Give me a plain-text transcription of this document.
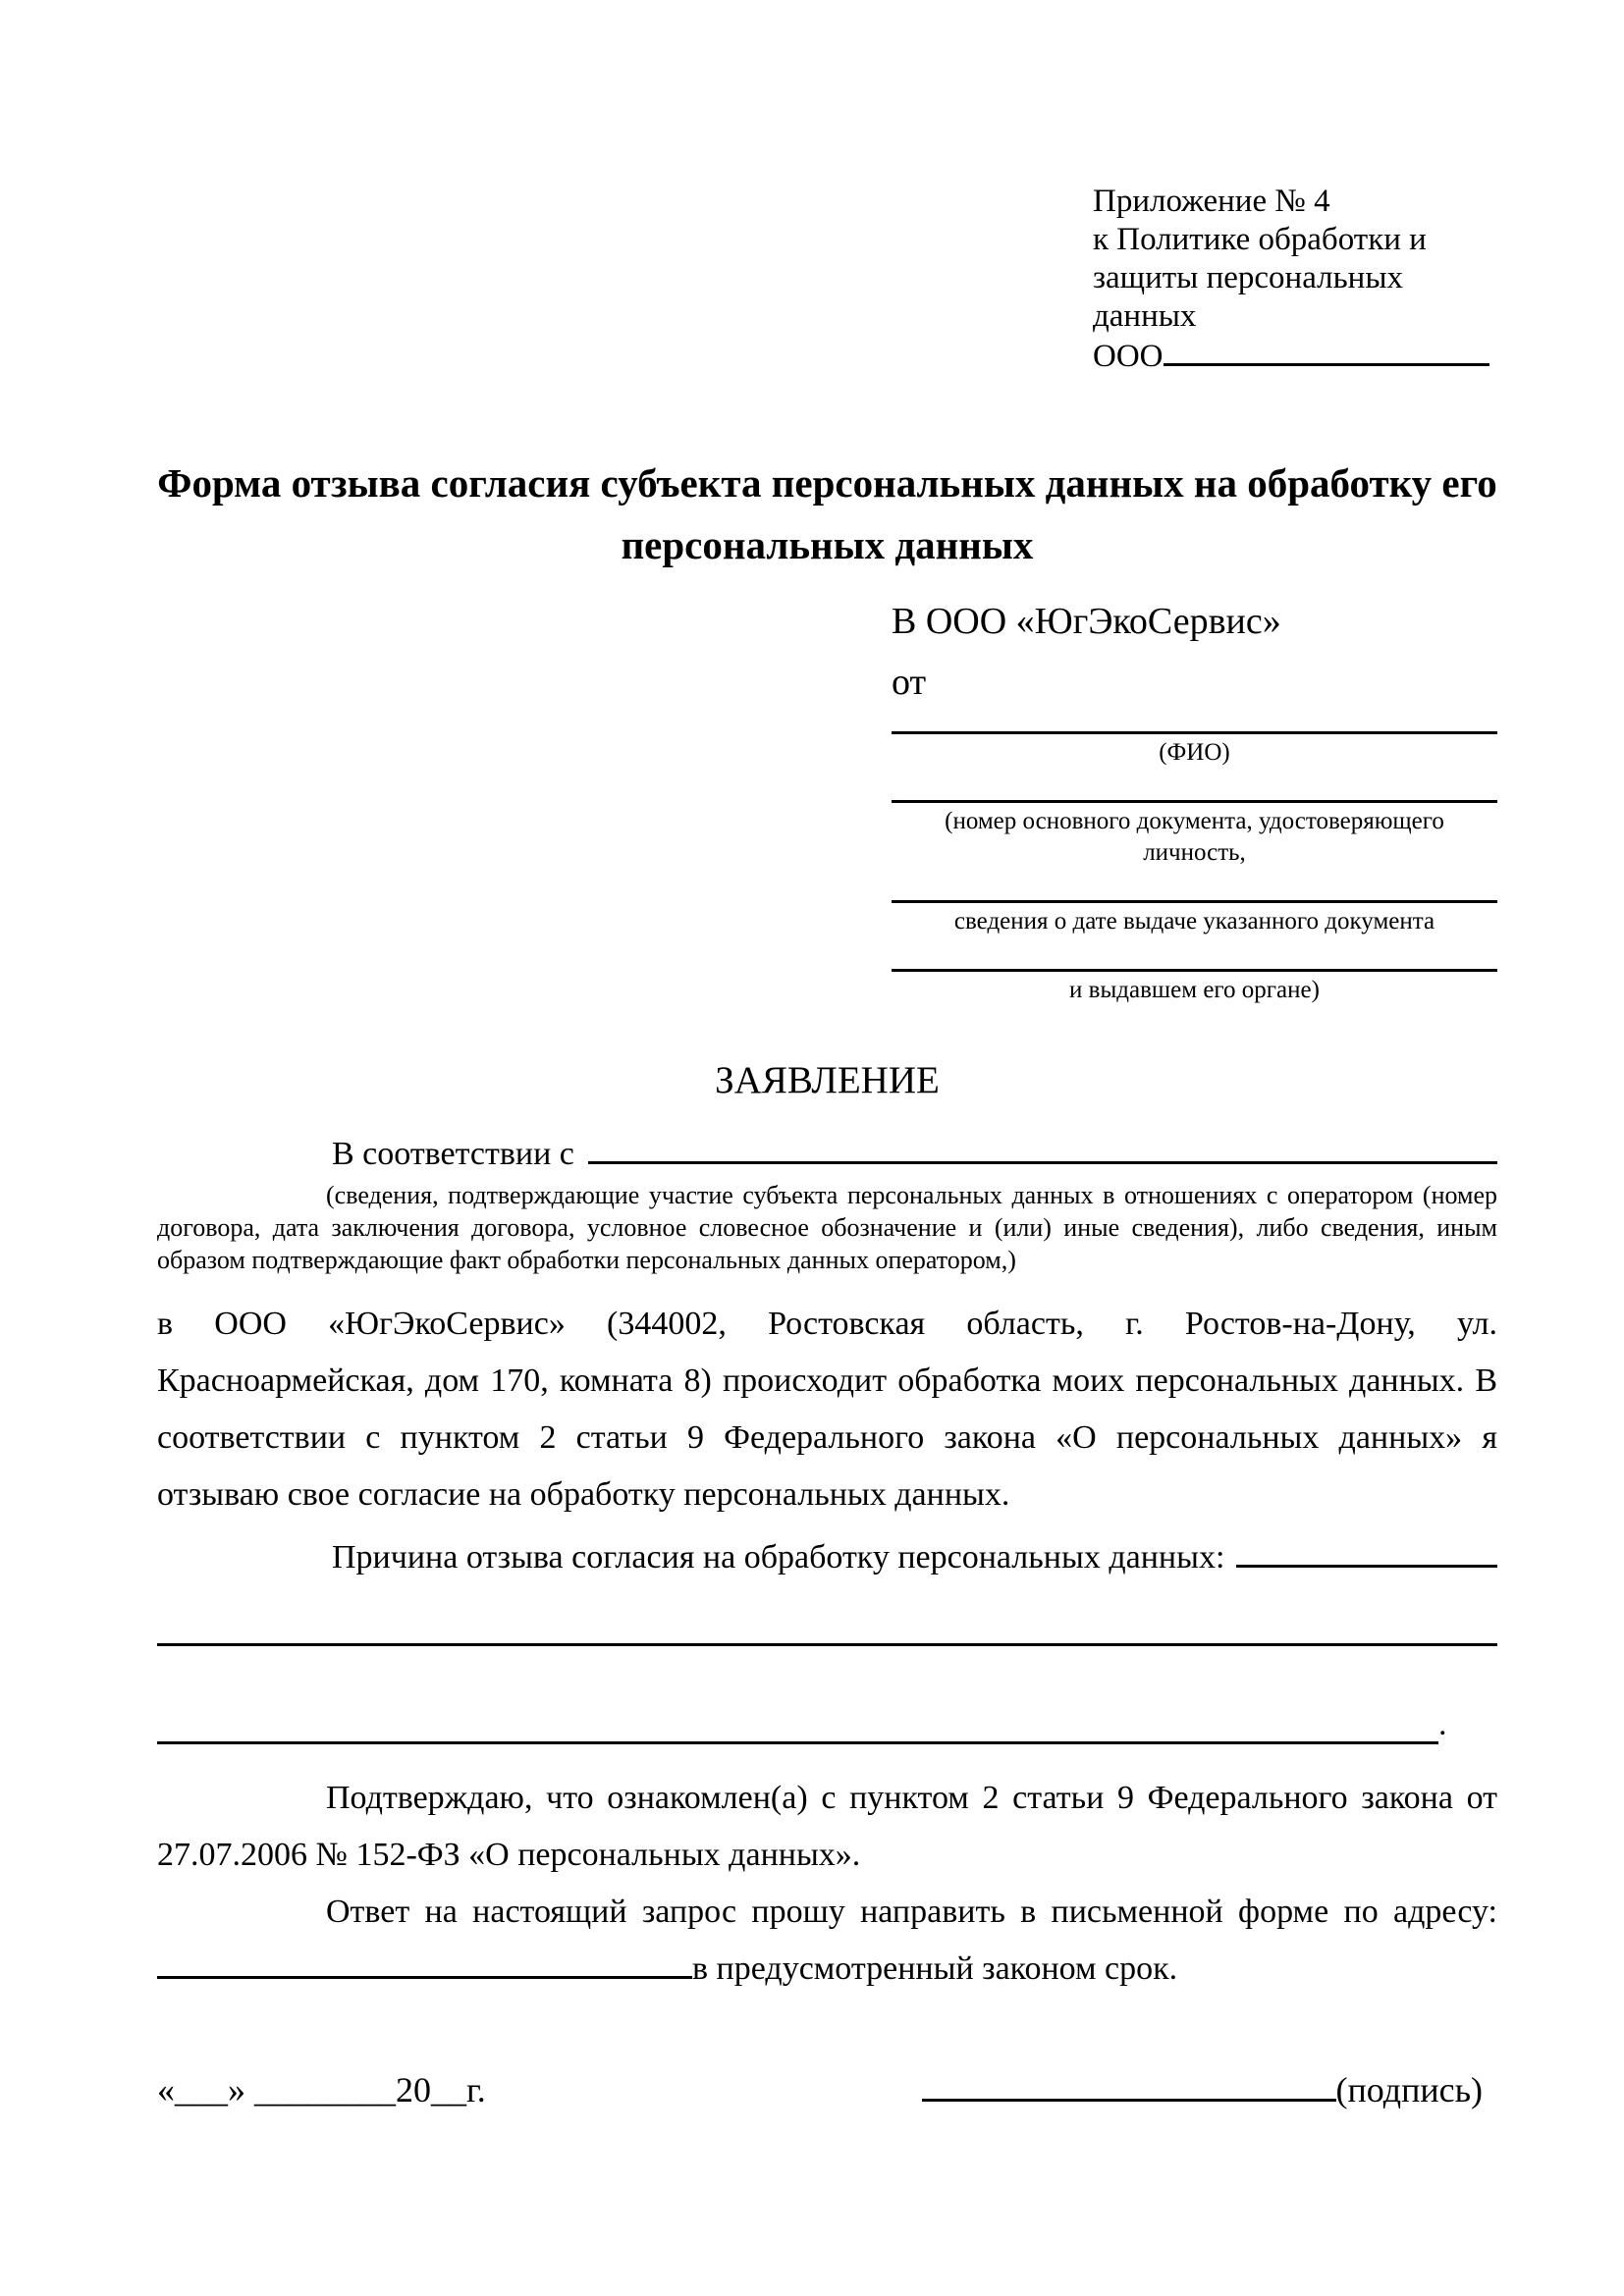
Приложение № 4
к Политике обработки и
защиты персональных данных
ООО
Форма отзыва согласия субъекта персональных данных на обработку его персональных данных
В ООО «ЮгЭкоСервис»
от
(ФИО)
(номер основного документа, удостоверяющего личность,
сведения о дате выдаче указанного документа
и выдавшем его органе)
ЗАЯВЛЕНИЕ
В соответствии с
(сведения, подтверждающие участие субъекта персональных данных в отношениях с оператором (номер договора, дата заключения договора, условное словесное обозначение и (или) иные сведения), либо сведения, иным образом подтверждающие факт обработки персональных данных оператором,)
в ООО «ЮгЭкоСервис» (344002, Ростовская область, г. Ростов-на-Дону, ул. Красноармейская, дом 170, комната 8) происходит обработка моих персональных данных. В соответствии с пунктом 2 статьи 9 Федерального закона «О персональных данных» я отзываю свое согласие на обработку персональных данных.
Причина отзыва согласия на обработку персональных данных:
.
Подтверждаю, что ознакомлен(а) с пунктом 2 статьи 9 Федерального закона от 27.07.2006 № 152-ФЗ «О персональных данных».
Ответ на настоящий запрос прошу направить в письменной форме по адресу:
в предусмотренный законом срок.
«___» ________20__г.	(подпись)
